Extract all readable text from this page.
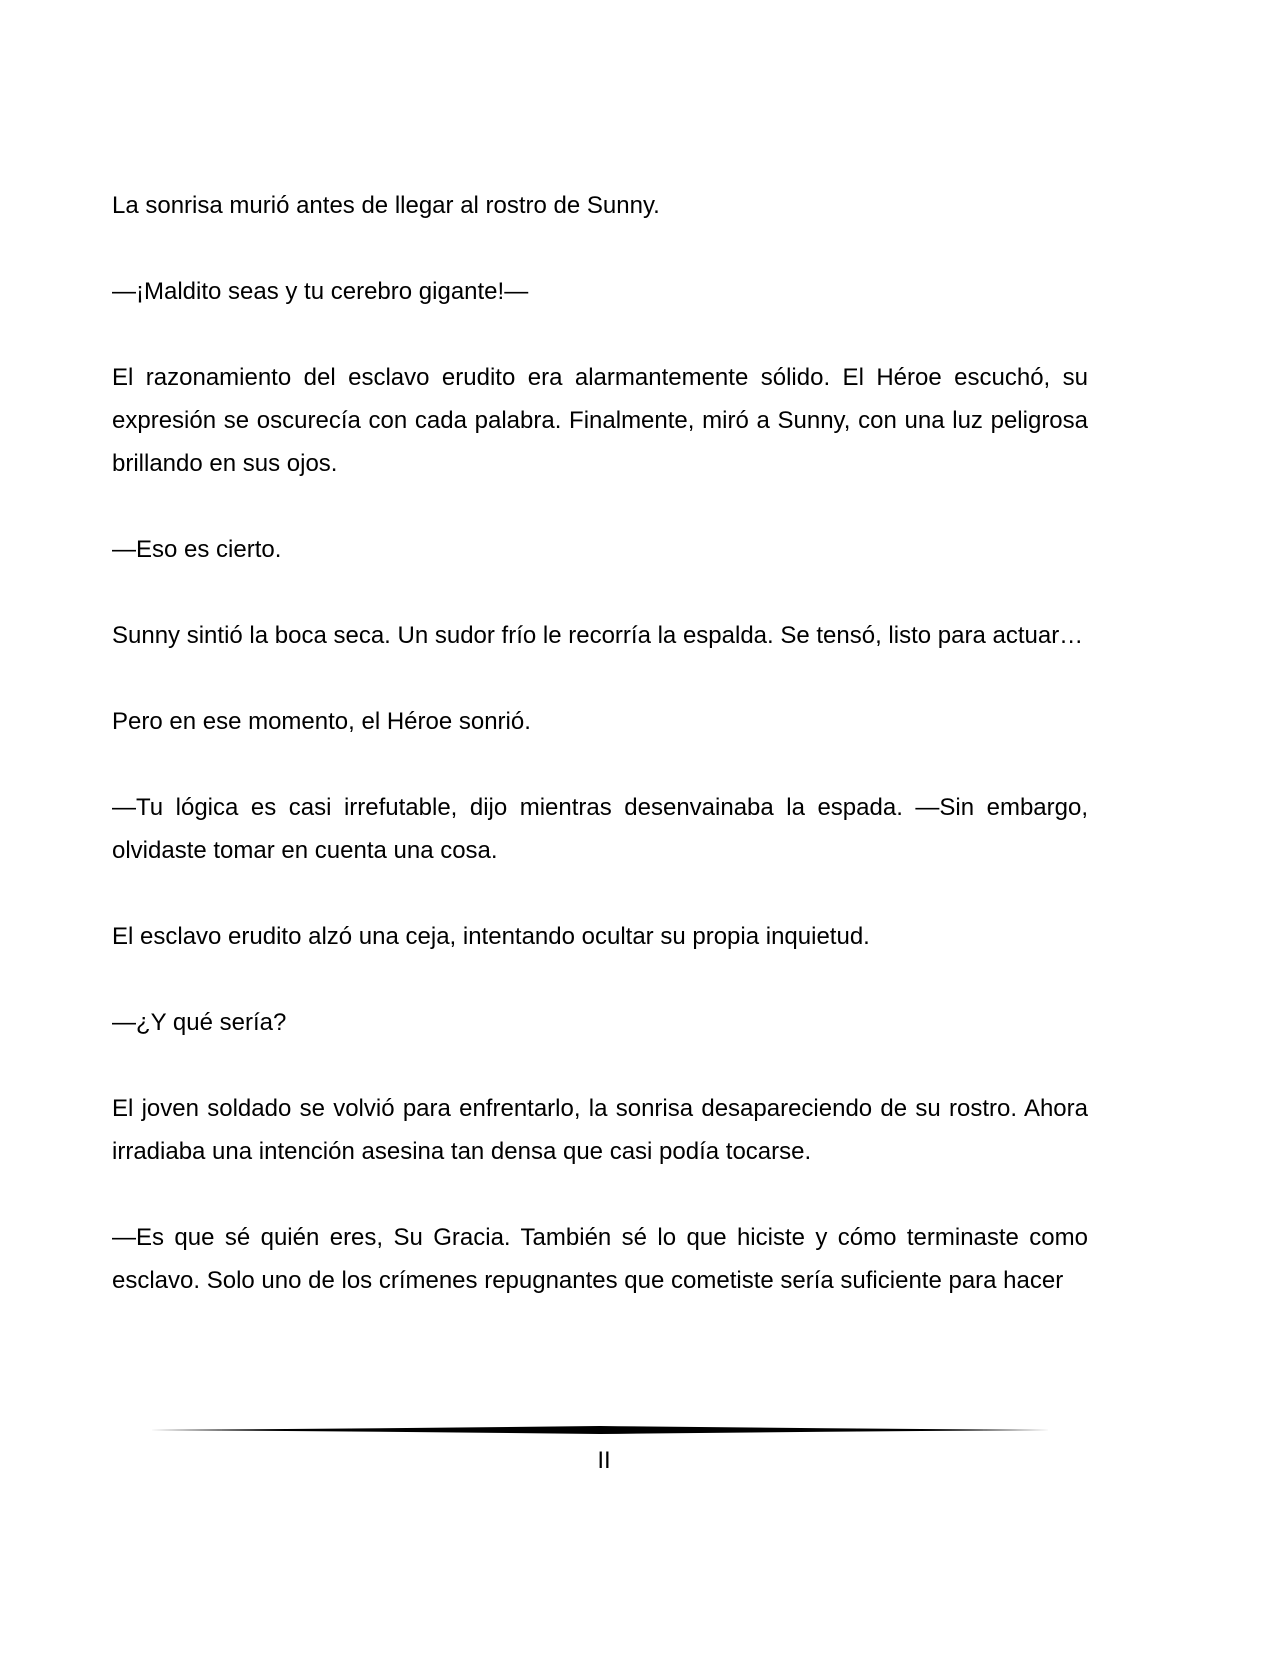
La sonrisa murió antes de llegar al rostro de Sunny.

—¡Maldito seas y tu cerebro gigante!—

El razonamiento del esclavo erudito era alarmantemente sólido. El Héroe escuchó, su expresión se oscurecía con cada palabra. Finalmente, miró a Sunny, con una luz peligrosa brillando en sus ojos.

—Eso es cierto.

Sunny sintió la boca seca. Un sudor frío le recorría la espalda. Se tensó, listo para actuar…

Pero en ese momento, el Héroe sonrió.

—Tu lógica es casi irrefutable, dijo mientras desenvainaba la espada. —Sin embargo, olvidaste tomar en cuenta una cosa.

El esclavo erudito alzó una ceja, intentando ocultar su propia inquietud.

—¿Y qué sería?

El joven soldado se volvió para enfrentarlo, la sonrisa desapareciendo de su rostro. Ahora irradiaba una intención asesina tan densa que casi podía tocarse.

—Es que sé quién eres, Su Gracia. También sé lo que hiciste y cómo terminaste como esclavo. Solo uno de los crímenes repugnantes que cometiste sería suficiente para hacer

II
